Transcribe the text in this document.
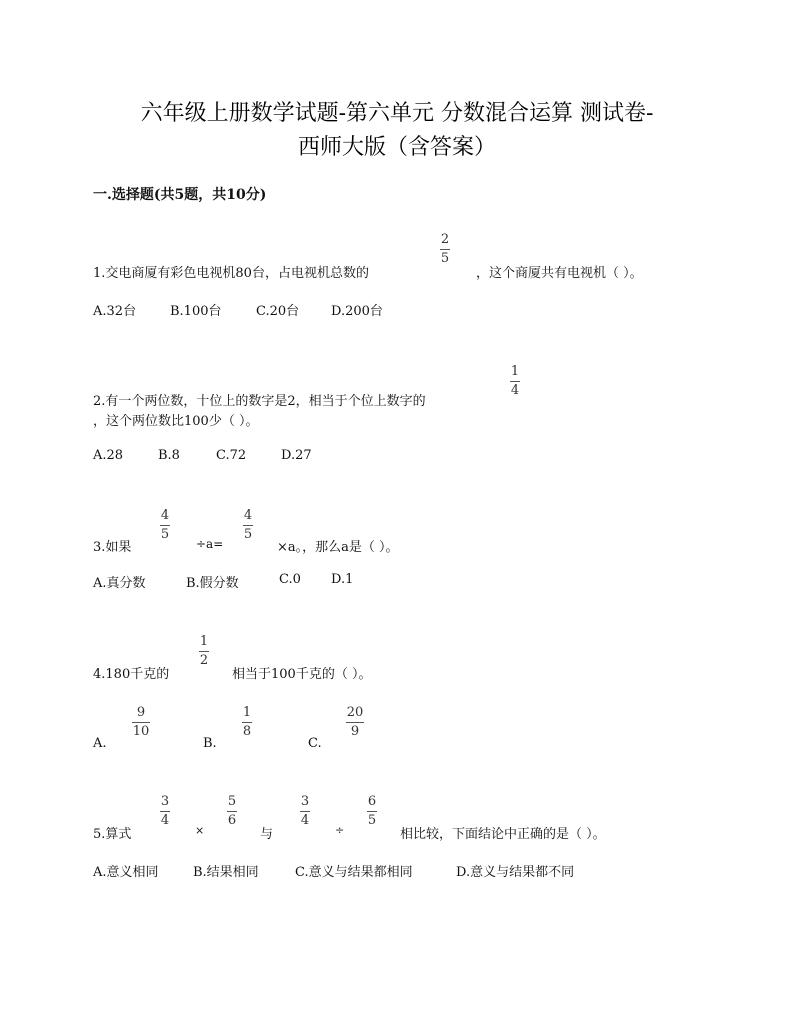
六年级上册数学试题-第六单元 分数混合运算 测试卷-
西师大版（含答案）
一.选择题(共5题，共10分)
1.交电商厦有彩色电视机80台，占电视机总数的
2
5
，这个商厦共有电视机（ ）。
A.32台	B.100台	C.20台 D.200台
1
4
2.有一个两位数，十位上的数字是2，相当于个位上数字的
，这个两位数比100少（ ）。
A.28	B.8	C.72	D.27
3.如果
4
5
÷a=
4
5
×a。，那么a是（ ）。
A.真分数	B.假分数	C.0 D.1
4.180千克的
1
2
相当于100千克的（ ）。
A.
9
10
B.
1
8
C.
20
9
5.算式
3
4
×
5
6
与
3
4
÷
6
5
相比较，下面结论中正确的是（ ）。
A.意义相同	B.结果相同	C.意义与结果都相同	D.意义与结果都不同
